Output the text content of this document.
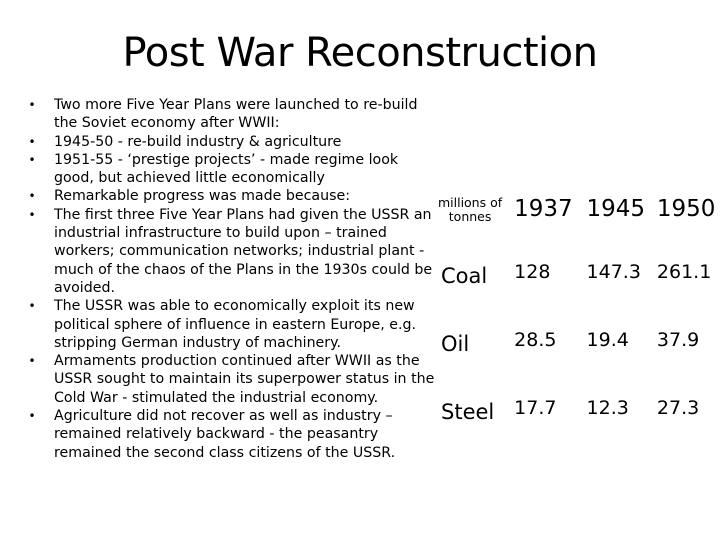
Post War Reconstruction
• Two more Five Year Plans were launched to re-build the Soviet economy after WWII:
• 1945-50 - re-build industry & agriculture
• 1951-55 - ‘prestige projects’ - made regime look good, but achieved little economically
• Remarkable progress was made because:
• The first three Five Year Plans had given the USSR an industrial infrastructure to build upon – trained workers; communication networks; industrial plant - much of the chaos of the Plans in the 1930s could be avoided.
• The USSR was able to economically exploit its new political sphere of influence in eastern Europe, e.g. stripping German industry of machinery.
• Armaments production continued after WWII as the USSR sought to maintain its superpower status in the Cold War - stimulated the industrial economy.
• Agriculture did not recover as well as industry – remained relatively backward - the peasantry remained the second class citizens of the USSR.
millions of tonnes	1937	1945	1950
Coal	128	147.3	261.1
Oil	28.5	19.4	37.9
Steel	17.7	12.3	27.3
